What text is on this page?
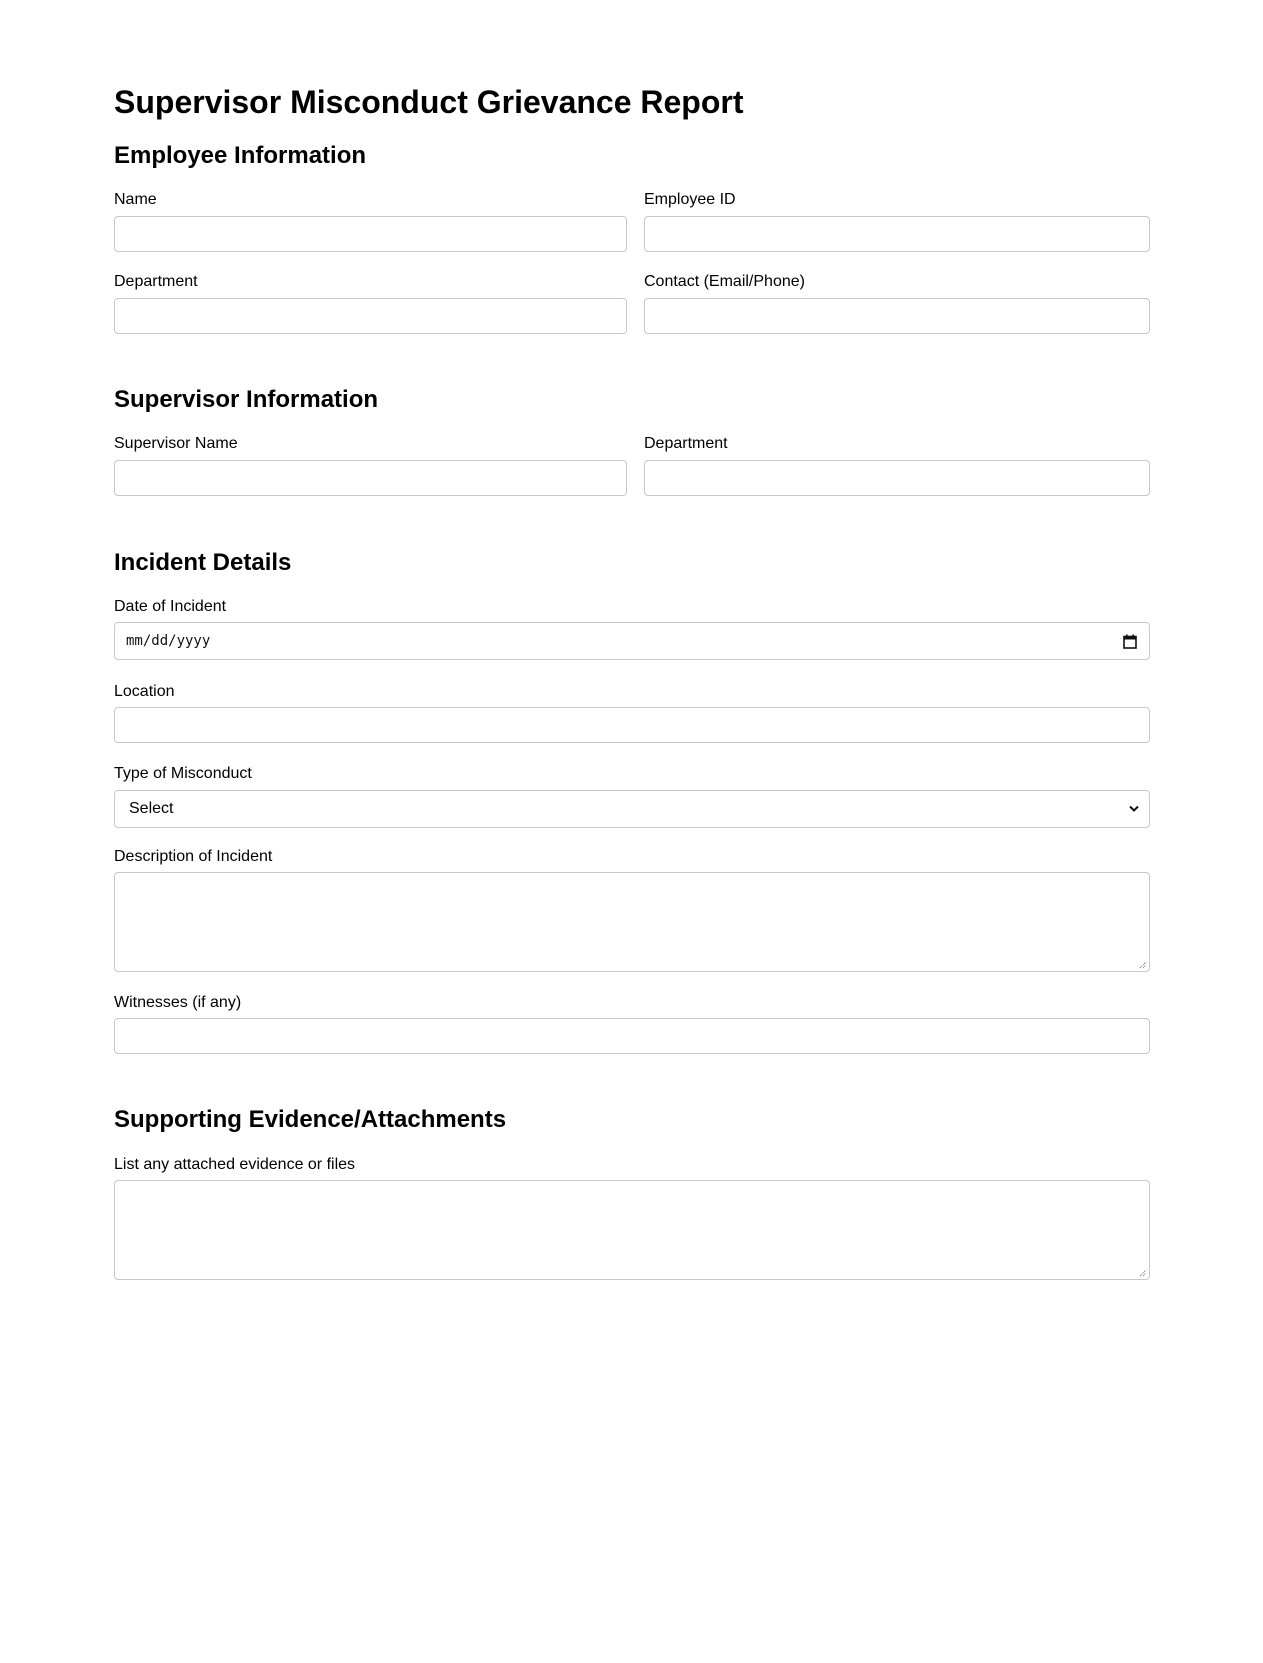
Supervisor Misconduct Grievance Report
Employee Information
Name	Employee ID
Department	Contact (Email/Phone)
Supervisor Information
Supervisor Name	Department
Incident Details
Date of Incident
mm/dd/yyyy
Location
Type of Misconduct
Select
Description of Incident
Witnesses (if any)
Supporting Evidence/Attachments
List any attached evidence or files
